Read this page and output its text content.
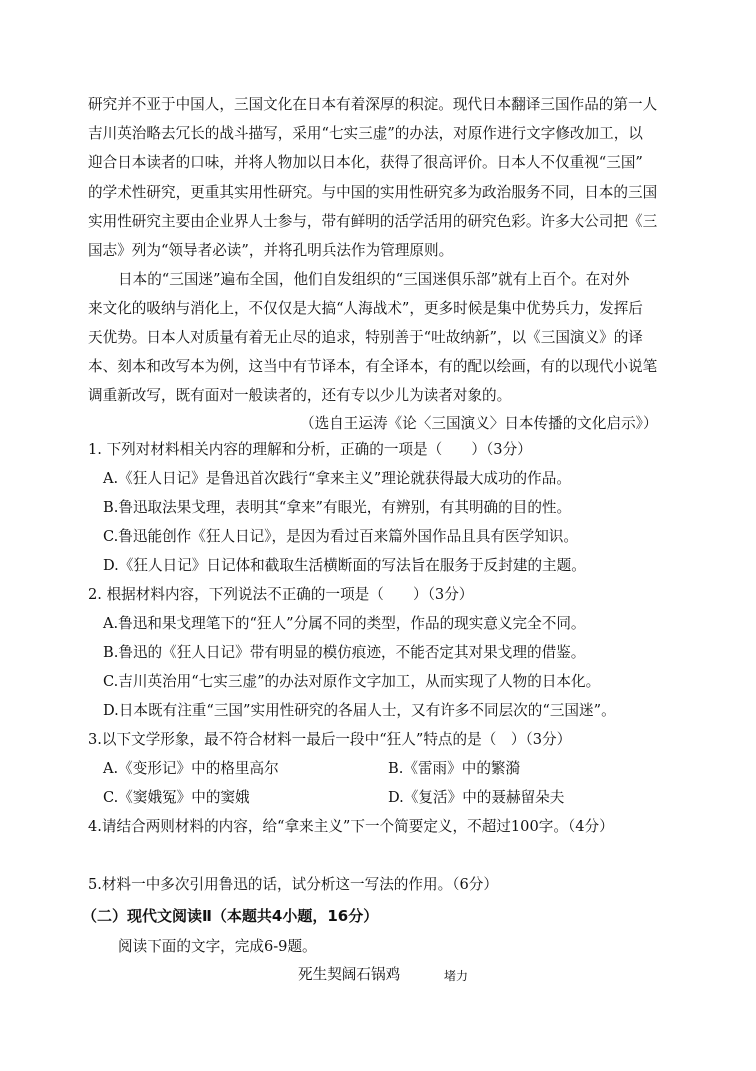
研究并不亚于中国人，三国文化在日本有着深厚的积淀。现代日本翻译三国作品的第一人
吉川英治略去冗长的战斗描写，采用“七实三虚”的办法，对原作进行文字修改加工，以
迎合日本读者的口味，并将人物加以日本化，获得了很高评价。日本人不仅重视“三国”
的学术性研究，更重其实用性研究。与中国的实用性研究多为政治服务不同，日本的三国
实用性研究主要由企业界人士参与，带有鲜明的活学活用的研究色彩。许多大公司把《三
国志》列为“领导者必读”，并将孔明兵法作为管理原则。
日本的“三国迷”遍布全国，他们自发组织的“三国迷俱乐部”就有上百个。在对外
来文化的吸纳与消化上，不仅仅是大搞“人海战术”，更多时候是集中优势兵力，发挥后
天优势。日本人对质量有着无止尽的追求，特别善于“吐故纳新”，以《三国演义》的译
本、刻本和改写本为例，这当中有节译本，有全译本，有的配以绘画，有的以现代小说笔
调重新改写，既有面对一般读者的，还有专以少儿为读者对象的。
（选自王运涛《论〈三国演义〉日本传播的文化启示》）
1. 下列对材料相关内容的理解和分析，正确的一项是（　　）（3分）
A.《狂人日记》是鲁迅首次践行“拿来主义”理论就获得最大成功的作品。
B.鲁迅取法果戈理，表明其“拿来”有眼光，有辨别，有其明确的目的性。
C.鲁迅能创作《狂人日记》，是因为看过百来篇外国作品且具有医学知识。
D.《狂人日记》日记体和截取生活横断面的写法旨在服务于反封建的主题。
2. 根据材料内容，下列说法不正确的一项是（　　）（3分）
A.鲁迅和果戈理笔下的“狂人”分属不同的类型，作品的现实意义完全不同。
B.鲁迅的《狂人日记》带有明显的模仿痕迹，不能否定其对果戈理的借鉴。
C.吉川英治用“七实三虚”的办法对原作文字加工，从而实现了人物的日本化。
D.日本既有注重“三国”实用性研究的各届人士，又有许多不同层次的“三国迷”。
3.以下文学形象，最不符合材料一最后一段中“狂人”特点的是（　）（3分）
A.《变形记》中的格里高尔	B.《雷雨》中的繁漪
C.《窦娥冤》中的窦娥	D.《复活》中的聂赫留朵夫
4.请结合两则材料的内容，给“拿来主义”下一个简要定义，不超过100字。（4分）
5.材料一中多次引用鲁迅的话，试分析这一写法的作用。（6分）
（二）现代文阅读Ⅱ（本题共4小题，16分）
阅读下面的文字，完成6-9题。
死生契阔石锅鸡	堵力
